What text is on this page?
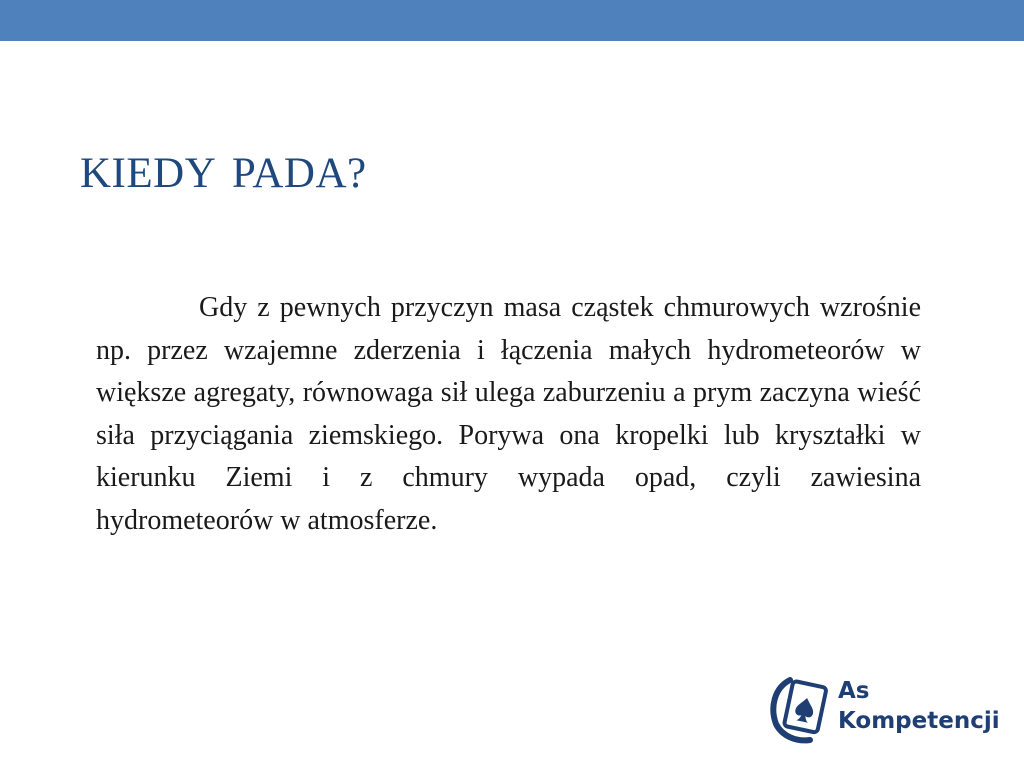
KIEDY PADA?

Gdy z pewnych przyczyn masa cząstek chmurowych wzrośnie np. przez wzajemne zderzenia i łączenia małych hydrometeorów w większe agregaty, równowaga sił ulega zaburzeniu a prym zaczyna wieść siła przyciągania ziemskiego. Porywa ona kropelki lub kryształki w kierunku Ziemi i z chmury wypada opad, czyli zawiesina hydrometeorów w atmosferze.

As
Kompetencji
